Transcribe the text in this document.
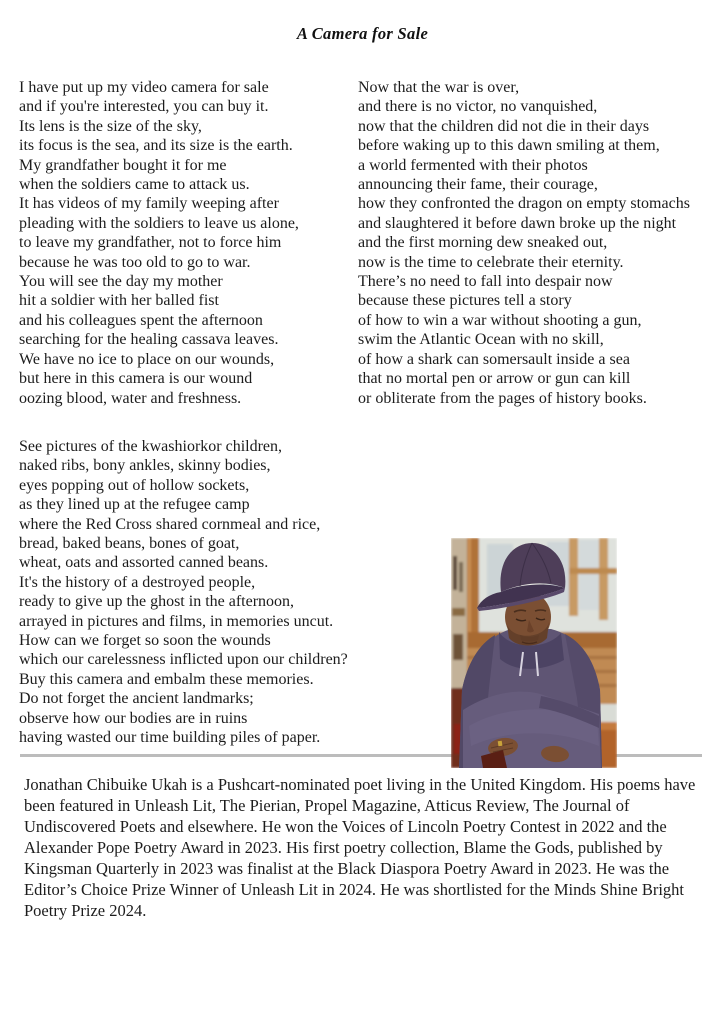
A Camera for Sale
I have put up my video camera for sale
and if you're interested, you can buy it.
Its lens is the size of the sky,
its focus is the sea, and its size is the earth.
My grandfather bought it for me
when the soldiers came to attack us.
It has videos of my family weeping after
pleading with the soldiers to leave us alone,
to leave my grandfather, not to force him
because he was too old to go to war.
You will see the day my mother
hit a soldier with her balled fist
and his colleagues spent the afternoon
searching for the healing cassava leaves.
We have no ice to place on our wounds,
but here in this camera is our wound
oozing blood, water and freshness.
See pictures of the kwashiorkor children,
naked ribs, bony ankles, skinny bodies,
eyes popping out of hollow sockets,
as they lined up at the refugee camp
where the Red Cross shared cornmeal and rice,
bread, baked beans, bones of goat,
wheat, oats and assorted canned beans.
It's the history of a destroyed people,
ready to give up the ghost in the afternoon,
arrayed in pictures and films, in memories uncut.
How can we forget so soon the wounds
which our carelessness inflicted upon our children?
Buy this camera and embalm these memories.
Do not forget the ancient landmarks;
observe how our bodies are in ruins
having wasted our time building piles of paper.
Now that the war is over,
and there is no victor, no vanquished,
now that the children did not die in their days
before waking up to this dawn smiling at them,
a world fermented with their photos
announcing their fame, their courage,
how they confronted the dragon on empty stomachs
and slaughtered it before dawn broke up the night
and the first morning dew sneaked out,
now is the time to celebrate their eternity.
There’s no need to fall into despair now
because these pictures tell a story
of how to win a war without shooting a gun,
swim the Atlantic Ocean with no skill,
of how a shark can somersault inside a sea
that no mortal pen or arrow or gun can kill
or obliterate from the pages of history books.

Jonathan Chibuike Ukah is a Pushcart-nominated poet living in the United Kingdom. His poems have been featured in Unleash Lit, The Pierian, Propel Magazine, Atticus Review, The Journal of Undiscovered Poets and elsewhere. He won the Voices of Lincoln Poetry Contest in 2022 and the Alexander Pope Poetry Award in 2023. His first poetry collection, Blame the Gods, published by Kingsman Quarterly in 2023 was finalist at the Black Diaspora Poetry Award in 2023. He was the Editor’s Choice Prize Winner of Unleash Lit in 2024. He was shortlisted for the Minds Shine Bright Poetry Prize 2024.
